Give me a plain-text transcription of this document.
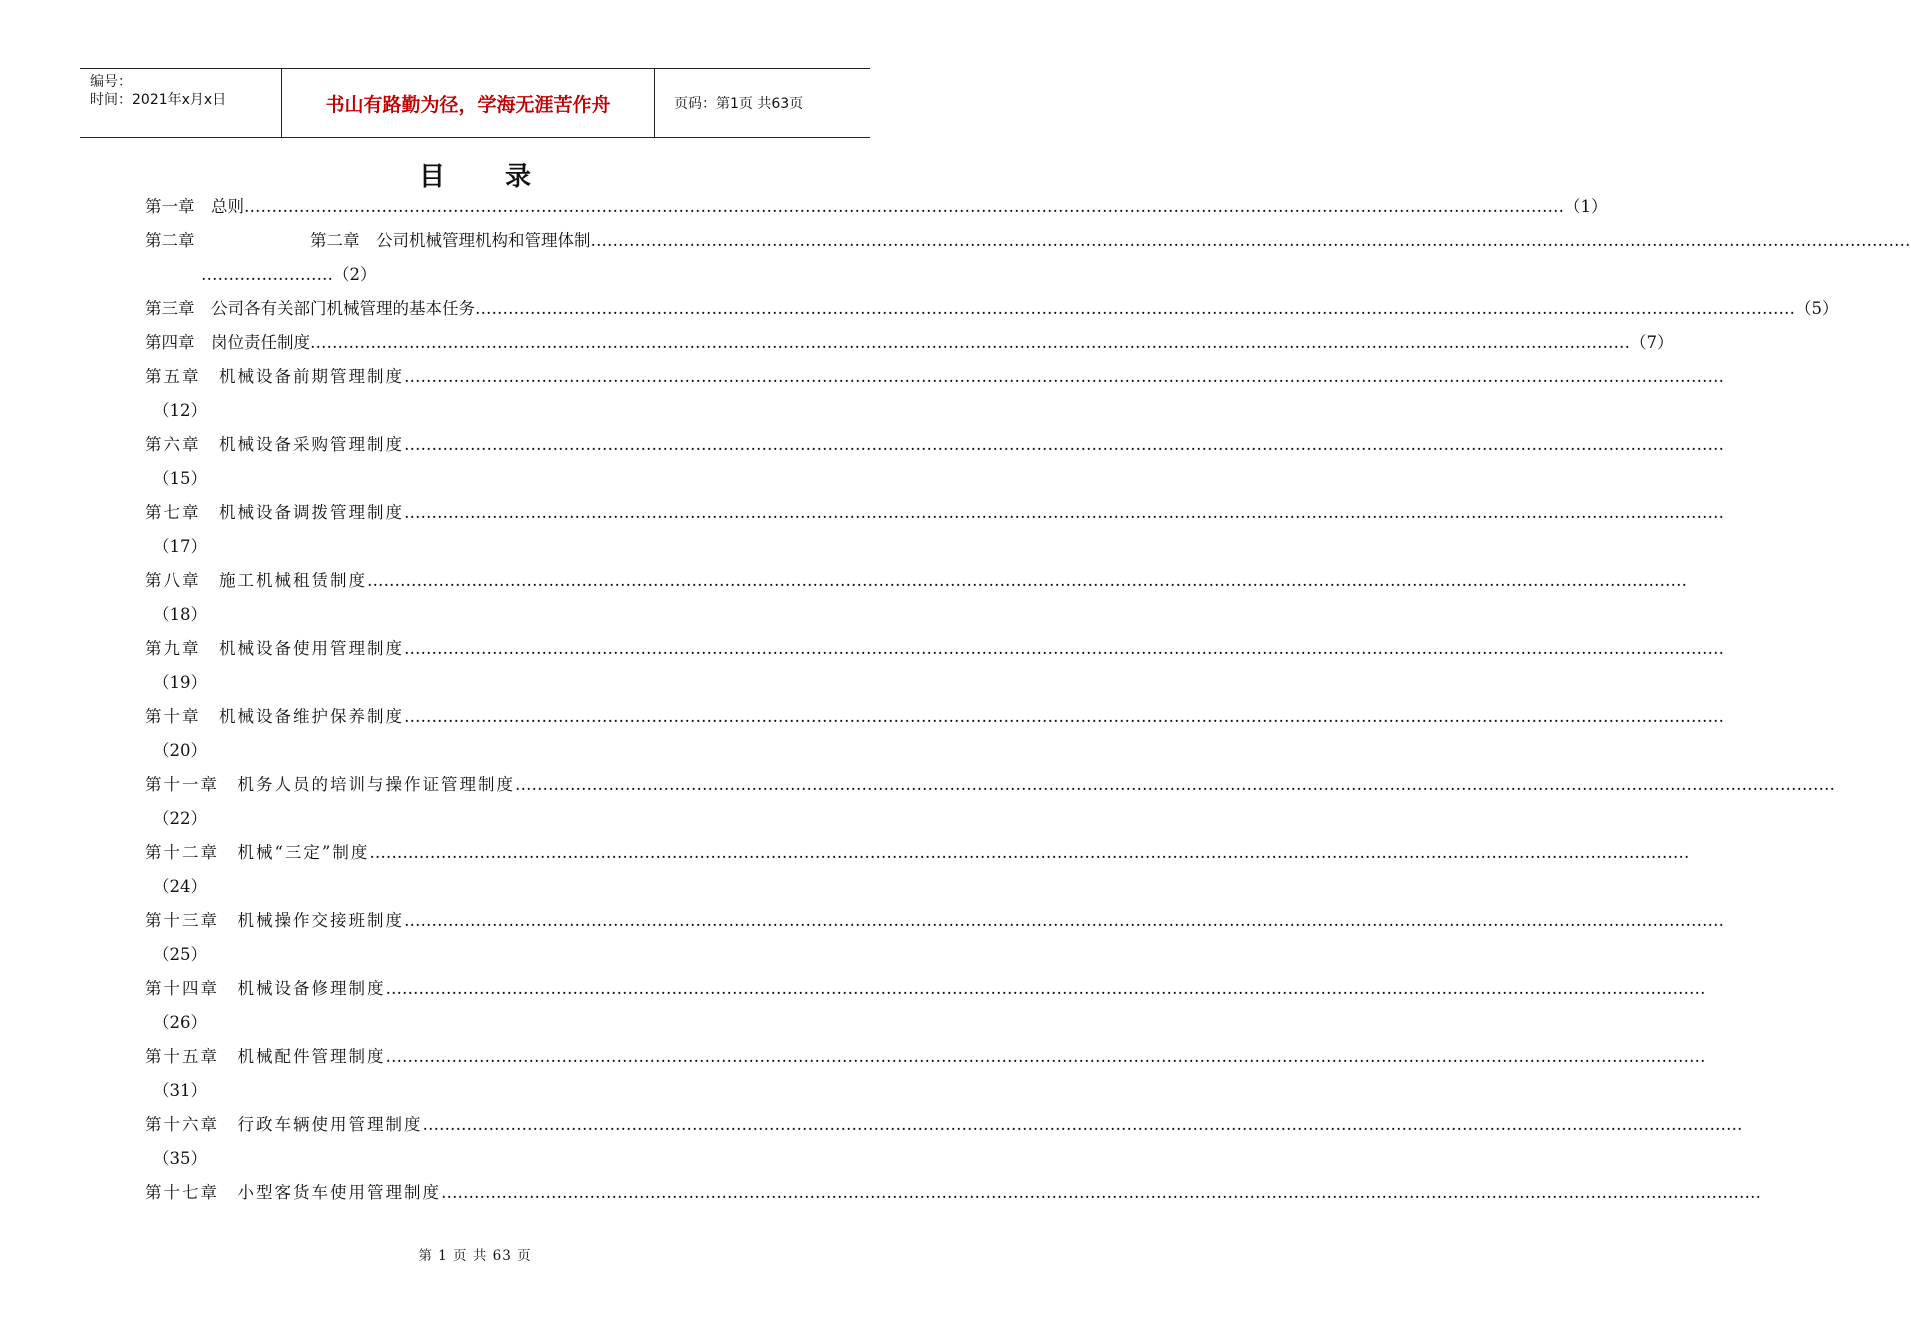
编号：
时间：2021年x月x日	书山有路勤为径，学海无涯苦作舟	页码：第1页 共63页
目录
第一章　总则 …………………………………………………………………………………………………………………………………………………………………………………………………………………… （1）
第二章　　　　　　　第二章　公司机械管理机构和管理体制 ……………………………………………………………………………………………………………………………………………………………………………………………………………………
……………………（2）
第三章　公司各有关部门机械管理的基本任务 …………………………………………………………………………………………………………………………………………………………………………………………………………………… （5）
第四章　岗位责任制度 …………………………………………………………………………………………………………………………………………………………………………………………………………………… （7）
第五章　机械设备前期管理制度 ……………………………………………………………………………………………………………………………………………………………………………………………………………………
（12）
第六章　机械设备采购管理制度 ……………………………………………………………………………………………………………………………………………………………………………………………………………………
（15）
第七章　机械设备调拨管理制度 ……………………………………………………………………………………………………………………………………………………………………………………………………………………
（17）
第八章　施工机械租赁制度 ……………………………………………………………………………………………………………………………………………………………………………………………………………………
（18）
第九章　机械设备使用管理制度 ……………………………………………………………………………………………………………………………………………………………………………………………………………………
（19）
第十章　机械设备维护保养制度 ……………………………………………………………………………………………………………………………………………………………………………………………………………………
（20）
第十一章　机务人员的培训与操作证管理制度 ……………………………………………………………………………………………………………………………………………………………………………………………………………………
（22）
第十二章　机械“三定”制度 ……………………………………………………………………………………………………………………………………………………………………………………………………………………
（24）
第十三章　机械操作交接班制度 ……………………………………………………………………………………………………………………………………………………………………………………………………………………
（25）
第十四章　机械设备修理制度 ……………………………………………………………………………………………………………………………………………………………………………………………………………………
（26）
第十五章　机械配件管理制度 ……………………………………………………………………………………………………………………………………………………………………………………………………………………
（31）
第十六章　行政车辆使用管理制度 ……………………………………………………………………………………………………………………………………………………………………………………………………………………
（35）
第十七章　小型客货车使用管理制度 ……………………………………………………………………………………………………………………………………………………………………………………………………………………
第 1 页 共 63 页
